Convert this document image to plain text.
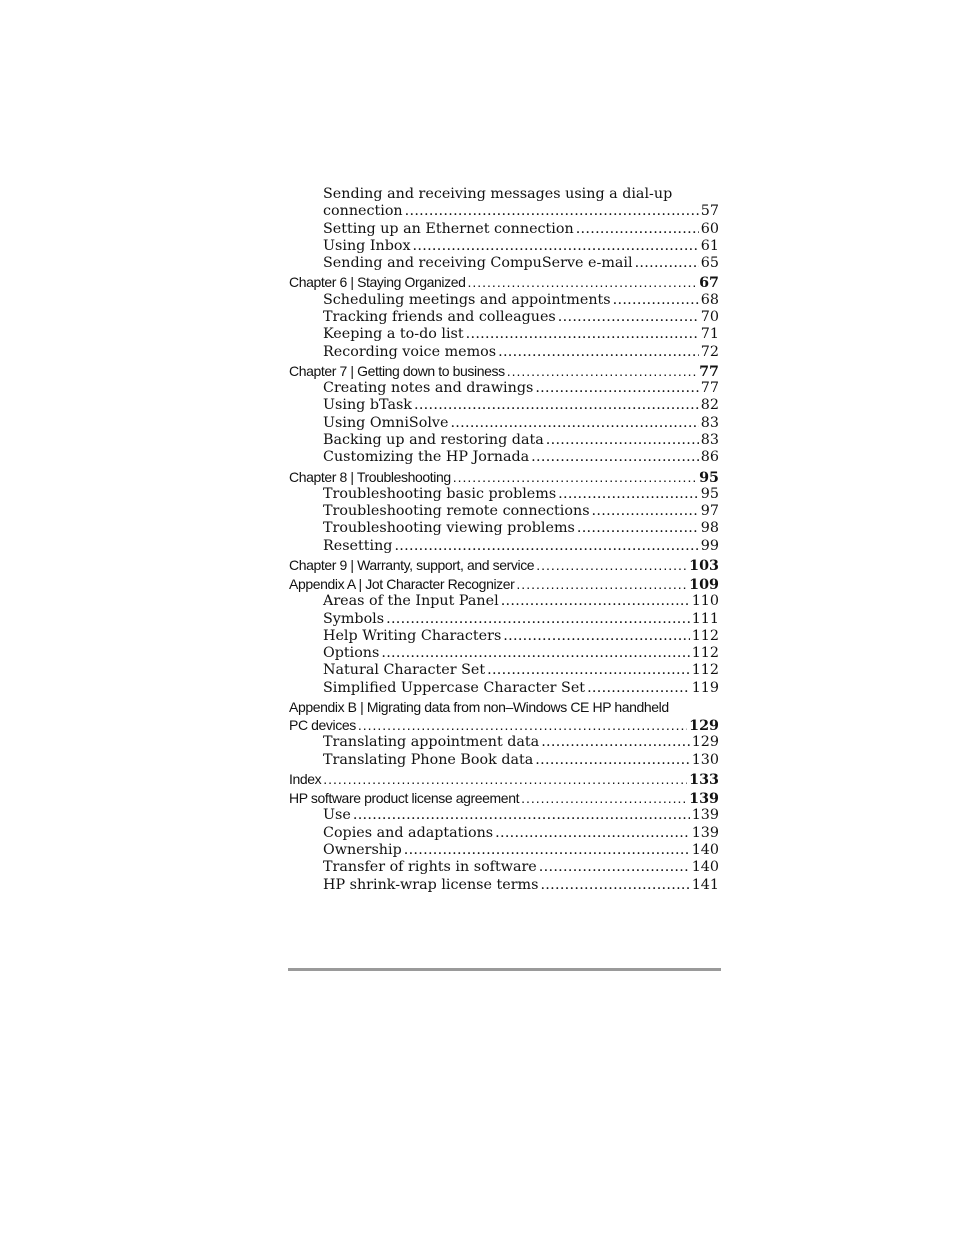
Sending and receiving messages using a dial-up
connection .....	57
Setting up an Ethernet connection .....	60
Using Inbox .....	61
Sending and receiving CompuServe e-mail .....	65
Chapter 6 | Staying Organized .....	67
Scheduling meetings and appointments .....	68
Tracking friends and colleagues .....	70
Keeping a to-do list .....	71
Recording voice memos .....	72
Chapter 7 | Getting down to business .....	77
Creating notes and drawings .....	77
Using bTask .....	82
Using OmniSolve .....	83
Backing up and restoring data .....	83
Customizing the HP Jornada .....	86
Chapter 8 | Troubleshooting .....	95
Troubleshooting basic problems .....	95
Troubleshooting remote connections .....	97
Troubleshooting viewing problems .....	98
Resetting .....	99
Chapter 9 | Warranty, support, and service .....	103
Appendix A | Jot Character Recognizer .....	109
Areas of the Input Panel .....	110
Symbols .....	111
Help Writing Characters .....	112
Options .....	112
Natural Character Set .....	112
Simplified Uppercase Character Set .....	119
Appendix B | Migrating data from non–Windows CE HP handheld
PC devices .....	129
Translating appointment data .....	129
Translating Phone Book data .....	130
Index .....	133
HP software product license agreement .....	139
Use .....	139
Copies and adaptations .....	139
Ownership .....	140
Transfer of rights in software .....	140
HP shrink-wrap license terms .....	141
